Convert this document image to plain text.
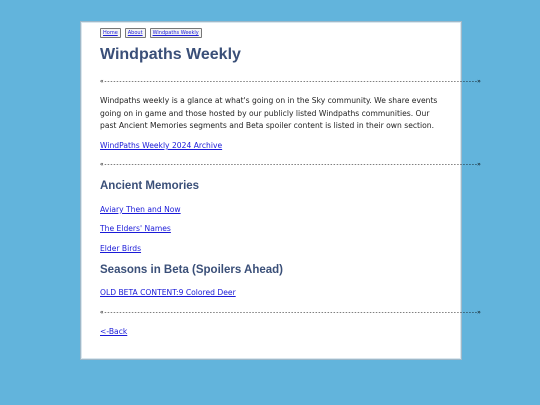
Home	About	Windpaths Weekly
Windpaths Weekly
« ---------------------------------------------------------------------------------------------------------------------------- »

Windpaths weekly is a glance at what's going on in the Sky community. We share events going on in game and those hosted by our publicly listed Windpaths communities. Our past Ancient Memories segments and Beta spoiler content is listed in their own section.

WindPaths Weekly 2024 Archive
« ---------------------------------------------------------------------------------------------------------------------------- »
Ancient Memories
Aviary Then and Now
The Elders' Names
Elder Birds
Seasons in Beta (Spoilers Ahead)
OLD BETA CONTENT:9 Colored Deer
« ---------------------------------------------------------------------------------------------------------------------------- »
<-Back
